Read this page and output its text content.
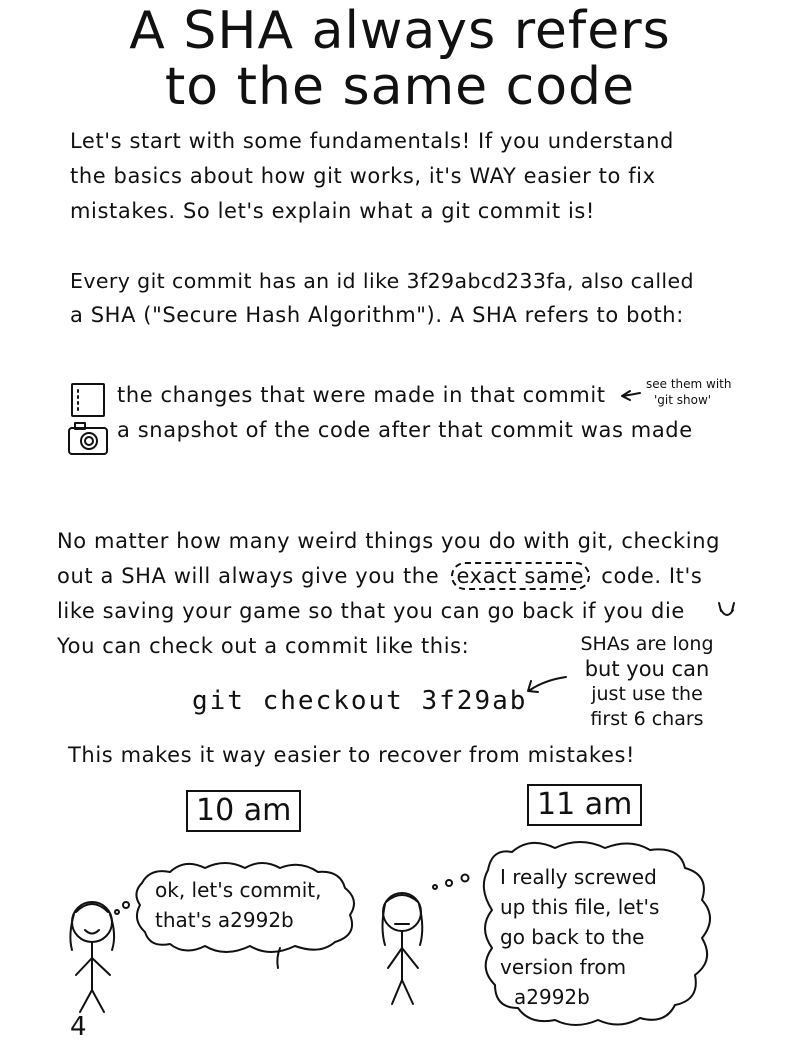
A SHA always refers
to the same code
Let's start with some fundamentals! If you understand
the basics about how git works, it's WAY easier to fix
mistakes. So let's explain what a git commit is!
Every git commit has an id like 3f29abcd233fa, also called
a SHA ("Secure Hash Algorithm"). A SHA refers to both:
the changes that were made in that commit
a snapshot of the code after that commit was made
see them with
'git show'
No matter how many weird things you do with git, checking
out a SHA will always give you the exact same code. It's
like saving your game so that you can go back if you die
You can check out a commit like this:
git checkout 3f29ab
SHAs are long
but you can
just use the
first 6 chars
This makes it way easier to recover from mistakes!
10 am	11 am
ok, let's commit,
that's a2992b
I really screwed
up this file, let's
go back to the
version from
a2992b
4
